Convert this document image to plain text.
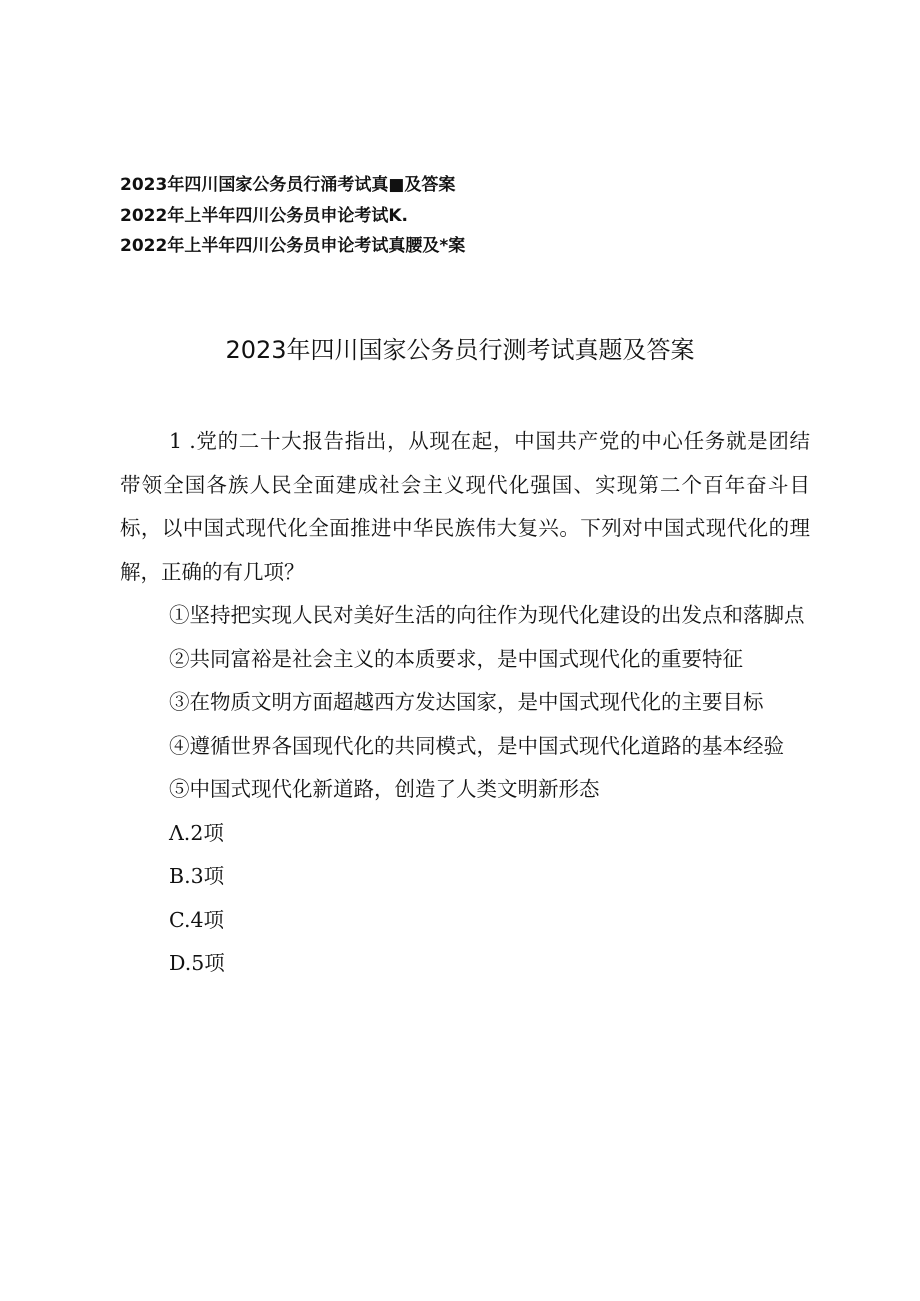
2023年四川国家公务员行涌考试真■及答案
2022年上半年四川公务员申论考试K.
2022年上半年四川公务员申论考试真腰及*案
2023年四川国家公务员行测考试真题及答案

1 .党的二十大报告指出，从现在起，中国共产党的中心任务就是团结带领全国各族人民全面建成社会主义现代化强国、实现第二个百年奋斗目标，以中国式现代化全面推进中华民族伟大复兴。下列对中国式现代化的理解，正确的有几项？

①坚持把实现人民对美好生活的向往作为现代化建设的出发点和落脚点

②共同富裕是社会主义的本质要求，是中国式现代化的重要特征

③在物质文明方面超越西方发达国家，是中国式现代化的主要目标

④遵循世界各国现代化的共同模式，是中国式现代化道路的基本经验

⑤中国式现代化新道路，创造了人类文明新形态

Λ.2项

B.3项

C.4项

D.5项
